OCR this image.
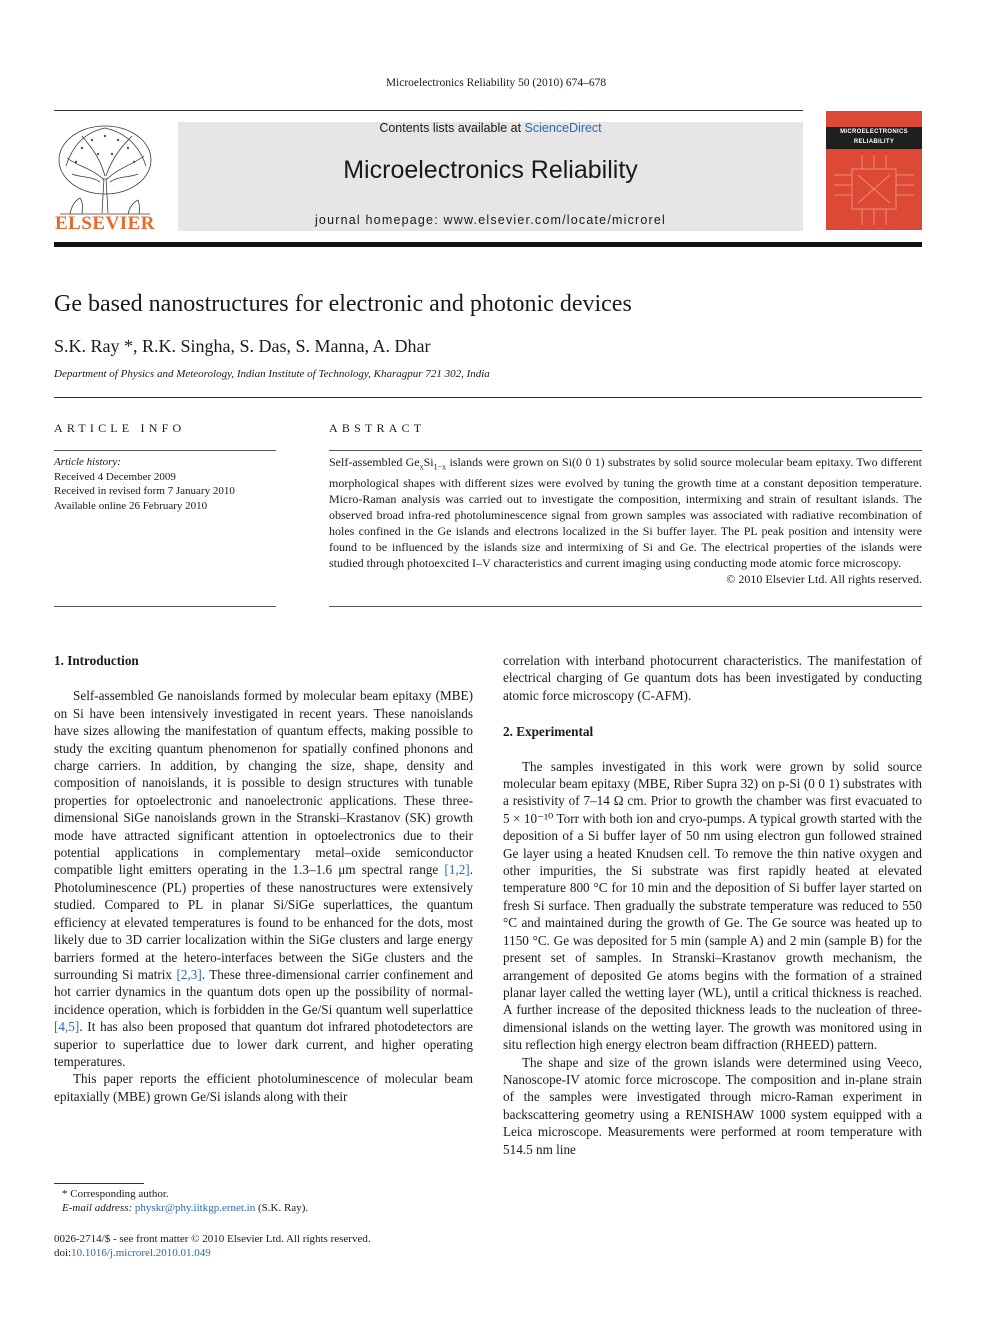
Microelectronics Reliability 50 (2010) 674–678
ELSEVIER
Contents lists available at ScienceDirect
Microelectronics Reliability
journal homepage: www.elsevier.com/locate/microrel
MICROELECTRONICS
RELIABILITY
Ge based nanostructures for electronic and photonic devices
S.K. Ray *, R.K. Singha, S. Das, S. Manna, A. Dhar
Department of Physics and Meteorology, Indian Institute of Technology, Kharagpur 721 302, India
ARTICLE INFO	ABSTRACT
Article history:
Received 4 December 2009
Received in revised form 7 January 2010
Available online 26 February 2010
Self-assembled $Ge_xSi_{1-x}$ islands were grown on Si(0 0 1) substrates by solid source molecular beam epitaxy. Two different morphological shapes with different sizes were evolved by tuning the growth time at a constant deposition temperature. Micro-Raman analysis was carried out to investigate the composition, intermixing and strain of resultant islands. The observed broad infra-red photoluminescence signal from grown samples was associated with radiative recombination of holes confined in the Ge islands and electrons localized in the Si buffer layer. The PL peak position and intensity were found to be influenced by the islands size and intermixing of Si and Ge. The electrical properties of the islands were studied through photoexcited I–V characteristics and current imaging using conducting mode atomic force microscopy.
© 2010 Elsevier Ltd. All rights reserved.
1. Introduction

Self-assembled Ge nanoislands formed by molecular beam epitaxy (MBE) on Si have been intensively investigated in recent years. These nanoislands have sizes allowing the manifestation of quantum effects, making possible to study the exciting quantum phenomenon for spatially confined phonons and charge carriers. In addition, by changing the size, shape, density and composition of nanoislands, it is possible to design structures with tunable properties for optoelectronic and nanoelectronic applications. These three-dimensional SiGe nanoislands grown in the Stranski–Krastanov (SK) growth mode have attracted significant attention in optoelectronics due to their potential applications in complementary metal–oxide semiconductor compatible light emitters operating in the 1.3–1.6 μm spectral range [1,2]. Photoluminescence (PL) properties of these nanostructures were extensively studied. Compared to PL in planar Si/SiGe superlattices, the quantum efficiency at elevated temperatures is found to be enhanced for the dots, most likely due to 3D carrier localization within the SiGe clusters and large energy barriers formed at the hetero-interfaces between the SiGe clusters and the surrounding Si matrix [2,3]. These three-dimensional carrier confinement and hot carrier dynamics in the quantum dots open up the possibility of normal-incidence operation, which is forbidden in the Ge/Si quantum well superlattice [4,5]. It has also been proposed that quantum dot infrared photodetectors are superior to superlattice due to lower dark current, and higher operating temperatures.

This paper reports the efficient photoluminescence of molecular beam epitaxially (MBE) grown Ge/Si islands along with their

correlation with interband photocurrent characteristics. The manifestation of electrical charging of Ge quantum dots has been investigated by conducting atomic force microscopy (C-AFM).

2. Experimental

The samples investigated in this work were grown by solid source molecular beam epitaxy (MBE, Riber Supra 32) on p-Si (0 0 1) substrates with a resistivity of 7–14 Ω cm. Prior to growth the chamber was first evacuated to 5 × 10⁻¹⁰ Torr with both ion and cryo-pumps. A typical growth started with the deposition of a Si buffer layer of 50 nm using electron gun followed strained Ge layer using a heated Knudsen cell. To remove the thin native oxygen and other impurities, the Si substrate was first rapidly heated at elevated temperature 800 °C for 10 min and the deposition of Si buffer layer started on fresh Si surface. Then gradually the substrate temperature was reduced to 550 °C and maintained during the growth of Ge. The Ge source was heated up to 1150 °C. Ge was deposited for 5 min (sample A) and 2 min (sample B) for the present set of samples. In Stranski–Krastanov growth mechanism, the arrangement of deposited Ge atoms begins with the formation of a strained planar layer called the wetting layer (WL), until a critical thickness is reached. A further increase of the deposited thickness leads to the nucleation of three-dimensional islands on the wetting layer. The growth was monitored using in situ reflection high energy electron beam diffraction (RHEED) pattern.

The shape and size of the grown islands were determined using Veeco, Nanoscope-IV atomic force microscope. The composition and in-plane strain of the samples were investigated through micro-Raman experiment in backscattering geometry using a RENISHAW 1000 system equipped with a Leica microscope. Measurements were performed at room temperature with 514.5 nm line

* Corresponding author.
E-mail address: physkr@phy.iitkgp.ernet.in (S.K. Ray).
0026-2714/$ - see front matter © 2010 Elsevier Ltd. All rights reserved.
doi:10.1016/j.microrel.2010.01.049
